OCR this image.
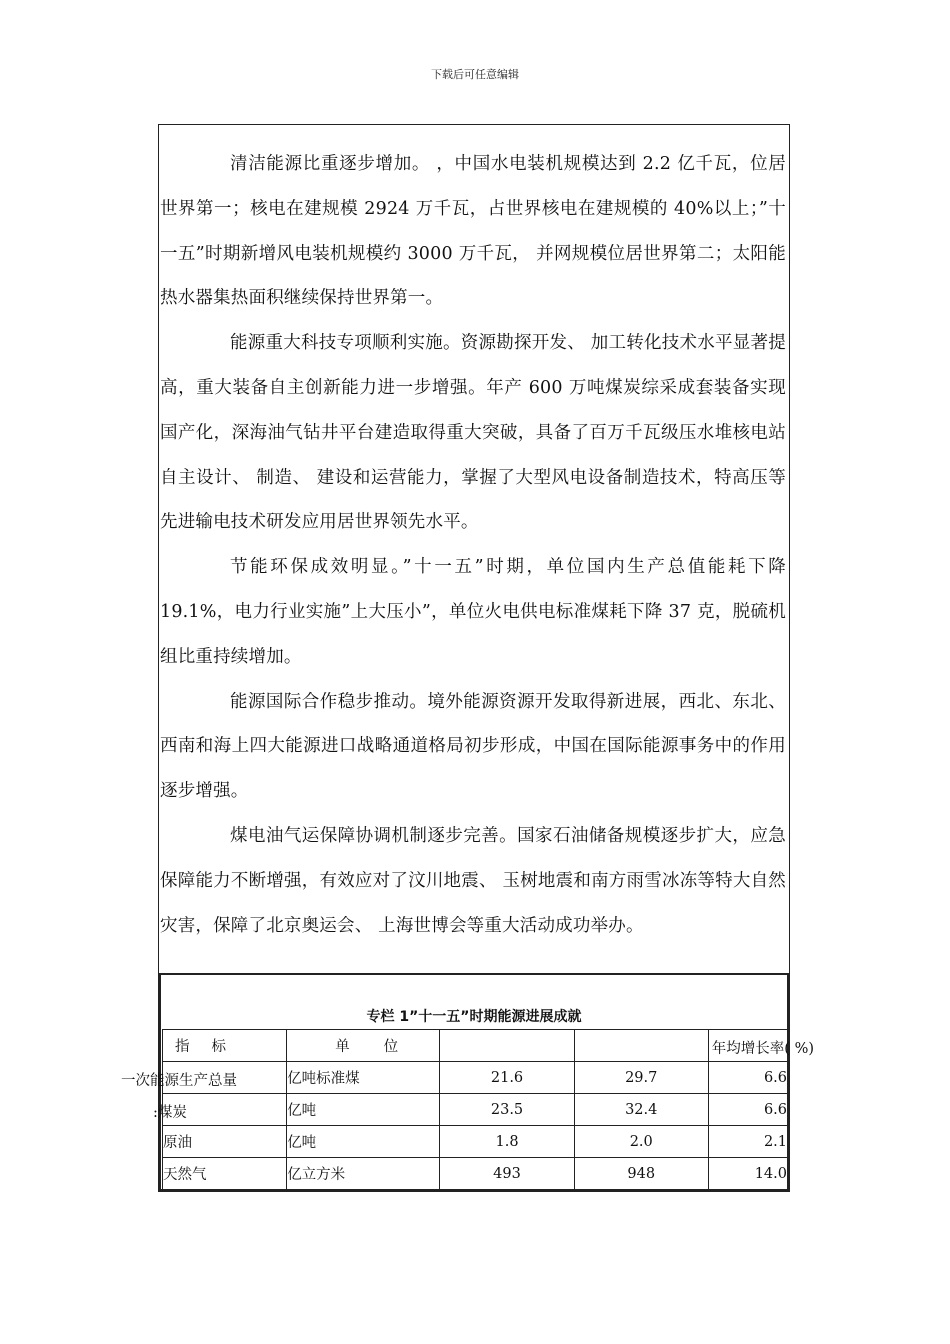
下载后可任意编辑

清洁能源比重逐步增加。 ，中国水电装机规模达到 2.2 亿千瓦，位居世界第一；核电在建规模 2924 万千瓦，占世界核电在建规模的 40%以上；”十一五”时期新增风电装机规模约 3000 万千瓦， 并网规模位居世界第二；太阳能热水器集热面积继续保持世界第一。

能源重大科技专项顺利实施。资源勘探开发、 加工转化技术水平显著提高，重大装备自主创新能力进一步增强。年产 600 万吨煤炭综采成套装备实现国产化，深海油气钻井平台建造取得重大突破，具备了百万千瓦级压水堆核电站自主设计、 制造、 建设和运营能力，掌握了大型风电设备制造技术，特高压等先进输电技术研发应用居世界领先水平。

节能环保成效明显。”十一五”时期，单位国内生产总值能耗下降 19.1%，电力行业实施”上大压小”，单位火电供电标准煤耗下降 37 克，脱硫机组比重持续增加。

能源国际合作稳步推动。境外能源资源开发取得新进展，西北、东北、 西南和海上四大能源进口战略通道格局初步形成，中国在国际能源事务中的作用逐步增强。

煤电油气运保障协调机制逐步完善。国家石油储备规模逐步扩大，应急保障能力不断增强，有效应对了汶川地震、 玉树地震和南方雨雪冰冻等特大自然灾害，保障了北京奥运会、 上海世博会等重大活动成功举办。

专栏 1”十一五”时期能源进展成就
指标	单位			年均增长率( %)

一次能源生产总量	亿吨标准煤	21.6	29.7	6.6

:煤炭	亿吨	23.5	32.4	6.6
原油	亿吨	1.8	2.0	2.1
天然气	亿立方米	493	948	14.0
